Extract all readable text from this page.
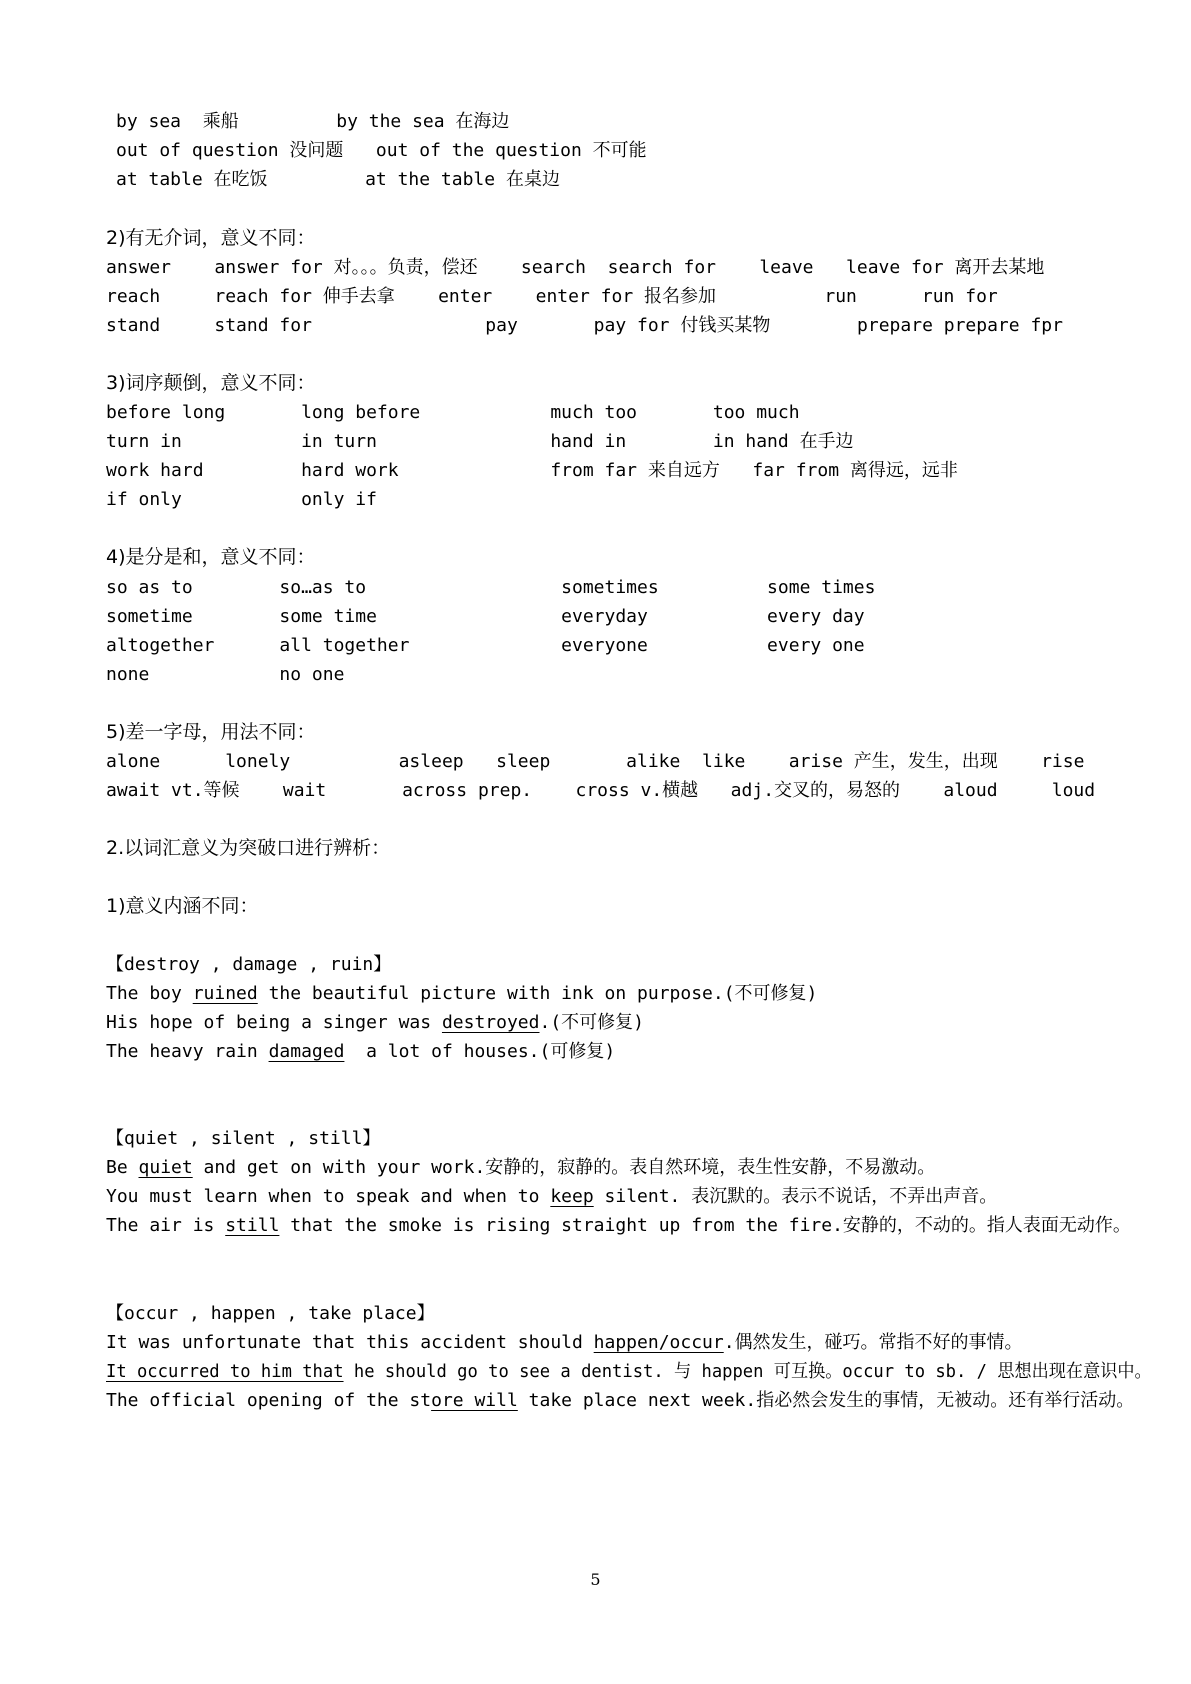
by sea  乘船         by the sea 在海边
out of question 没问题   out of the question 不可能
at table 在吃饭         at the table 在桌边
2)有无介词，意义不同：
answer    answer for 对。。。负责，偿还    search  search for    leave   leave for 离开去某地
reach     reach for 伸手去拿    enter    enter for 报名参加          run      run for
stand     stand for                pay       pay for 付钱买某物        prepare prepare fpr
3)词序颠倒，意义不同：
before long       long before            much too       too much
turn in           in turn                hand in        in hand 在手边
work hard         hard work              from far 来自远方   far from 离得远，远非
if only           only if
4)是分是和，意义不同：
so as to        so…as to                  sometimes          some times
sometime        some time                 everyday           every day
altogether      all together              everyone           every one
none            no one
5)差一字母，用法不同：
alone      lonely          asleep   sleep       alike  like    arise 产生，发生，出现    rise
await vt.等候    wait       across prep.    cross v.横越   adj.交叉的，易怒的    aloud     loud
2.以词汇意义为突破口进行辨析：
1)意义内涵不同：
【destroy , damage , ruin】
The boy ruined the beautiful picture with ink on purpose.(不可修复)
His hope of being a singer was destroyed.(不可修复)
The heavy rain damaged  a lot of houses.(可修复)
【quiet , silent , still】
Be quiet and get on with your work.安静的，寂静的。表自然环境，表生性安静，不易激动。
You must learn when to speak and when to keep silent. 表沉默的。表示不说话，不弄出声音。
The air is still that the smoke is rising straight up from the fire.安静的，不动的。指人表面无动作。
【occur , happen , take place】
It was unfortunate that this accident should happen/occur.偶然发生，碰巧。常指不好的事情。
It occurred to him that he should go to see a dentist. 与 happen 可互换。occur to sb. / 思想出现在意识中。
The official opening of the store will take place next week.指必然会发生的事情，无被动。还有举行活动。
5
